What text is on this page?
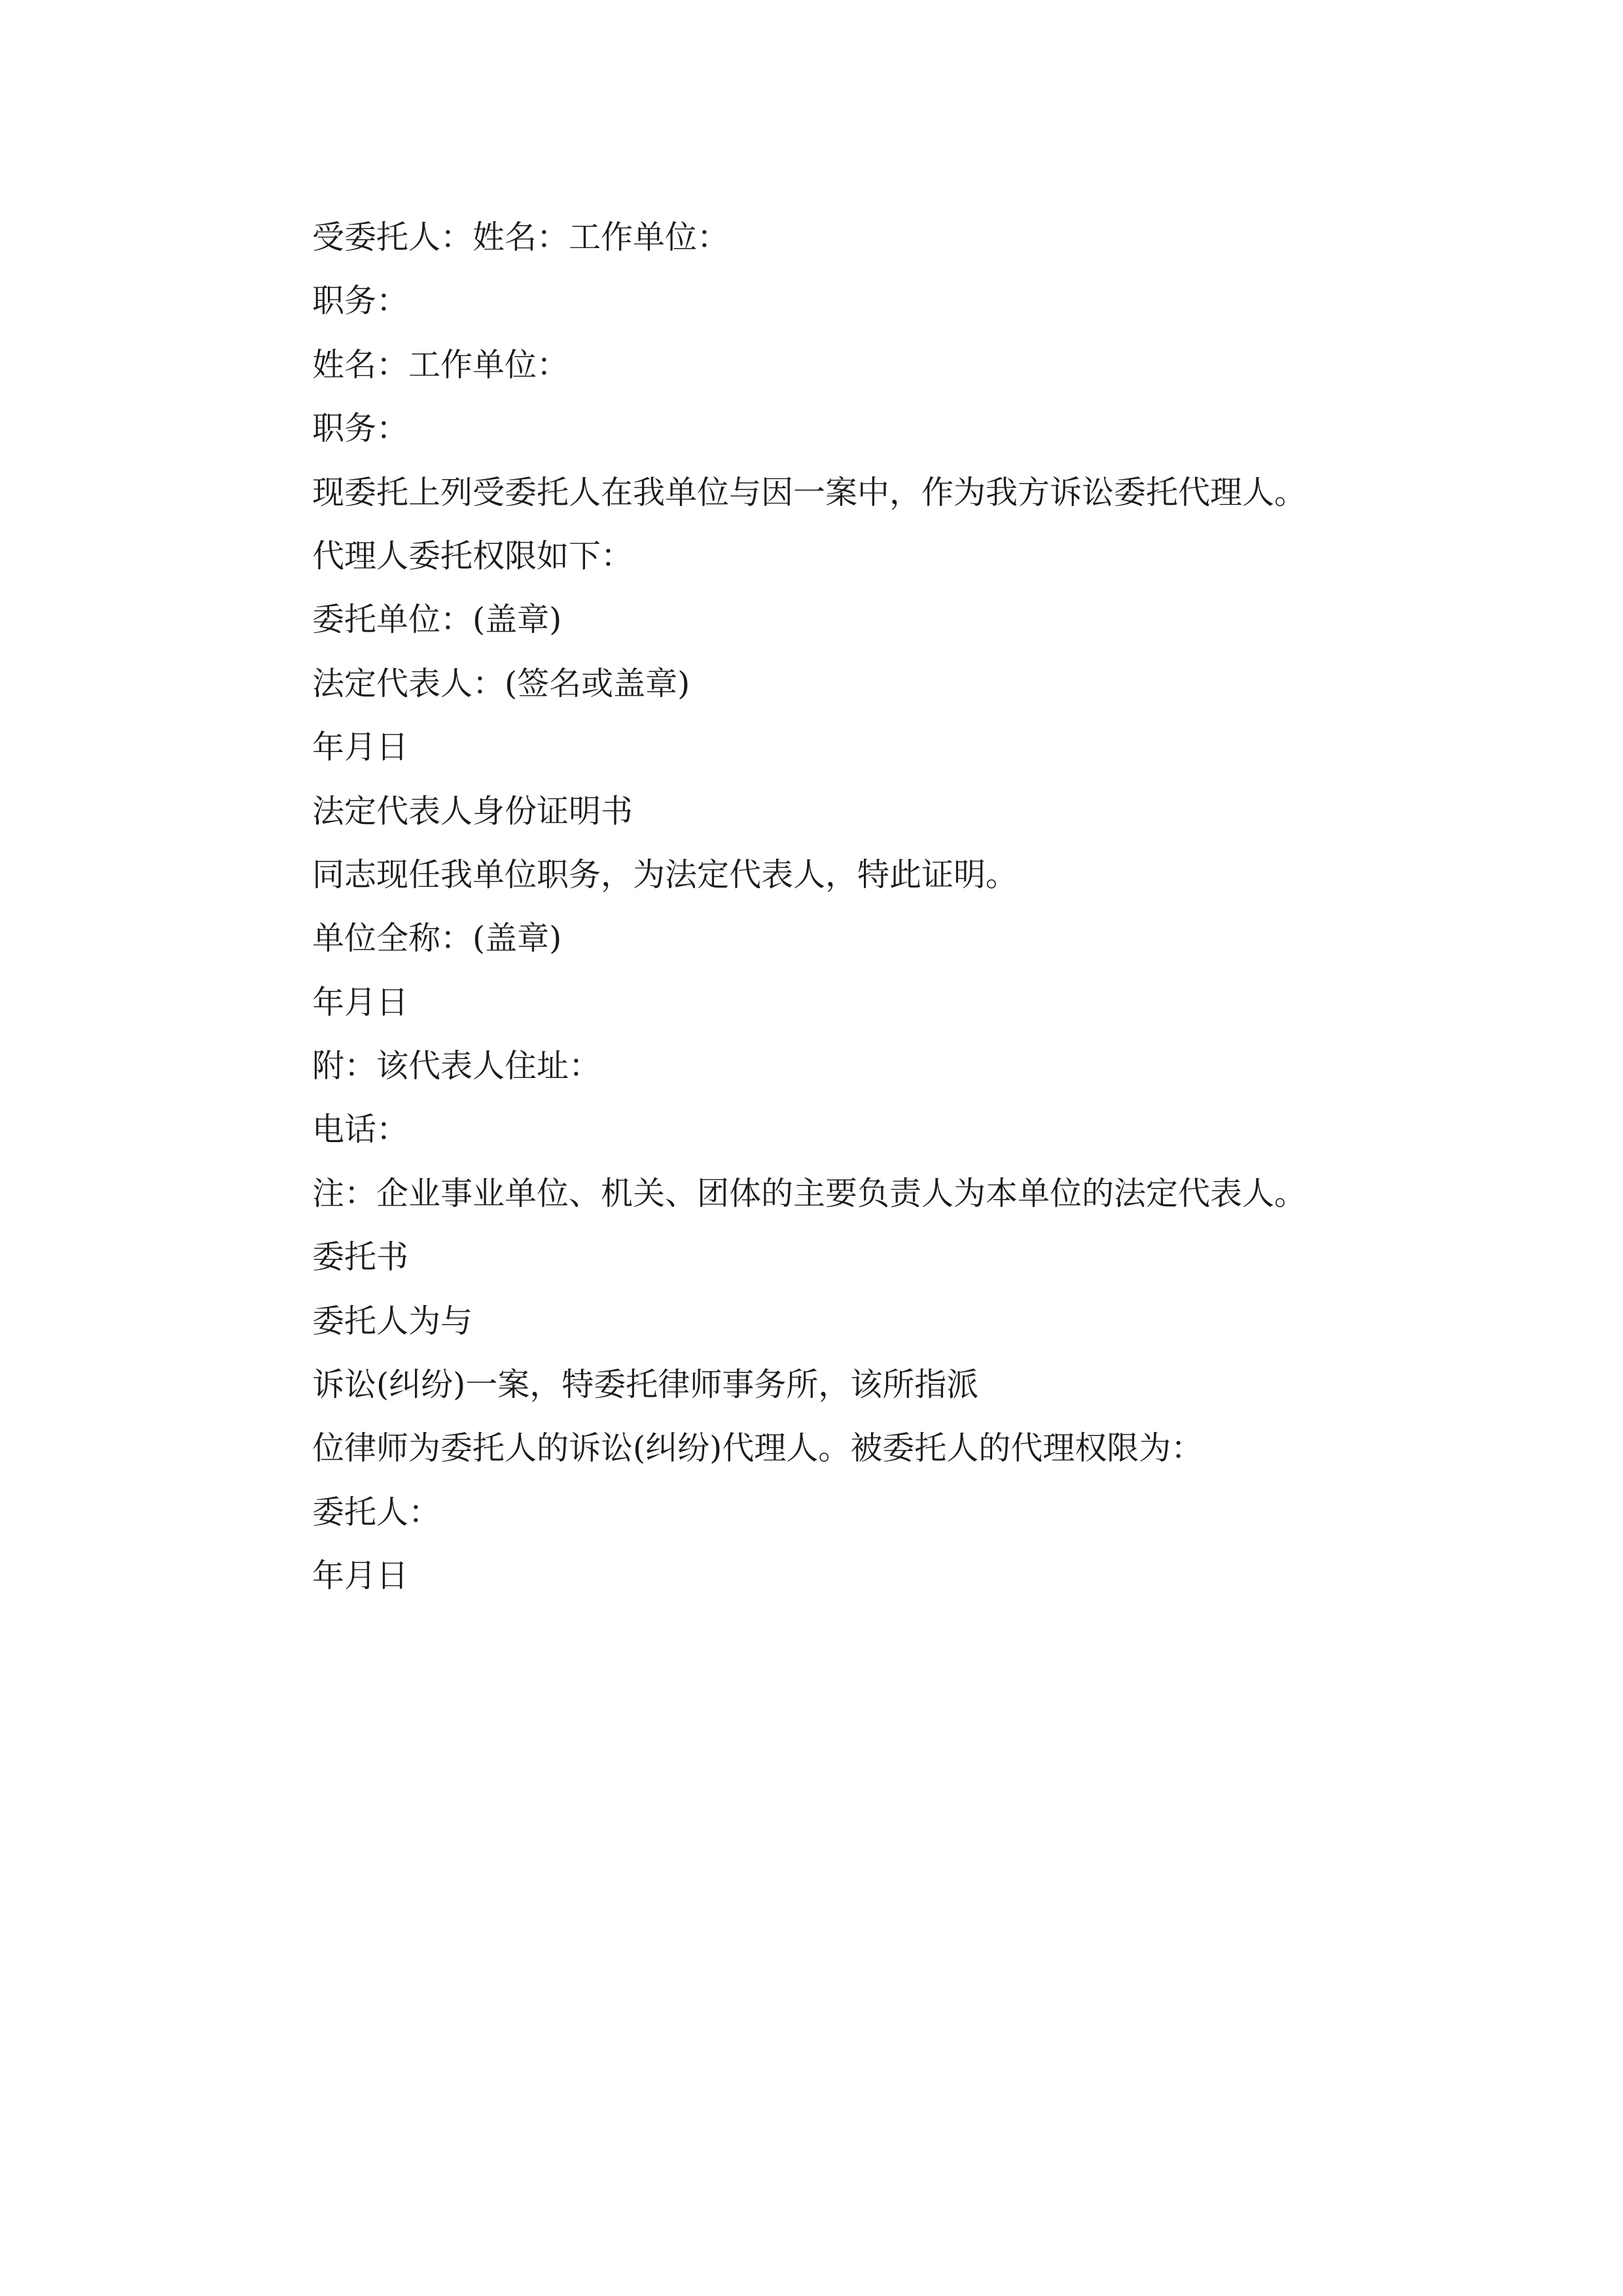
受委托人：姓名：工作单位：

职务：

姓名：工作单位：

职务：

现委托上列受委托人在我单位与因一案中，作为我方诉讼委托代理人。

代理人委托权限如下：

委托单位：(盖章)

法定代表人：(签名或盖章)

年月日

法定代表人身份证明书

同志现任我单位职务，为法定代表人，特此证明。

单位全称：(盖章)

年月日

附：该代表人住址：

电话：

注：企业事业单位、机关、团体的主要负责人为本单位的法定代表人。

委托书

委托人为与

诉讼(纠纷)一案，特委托律师事务所，该所指派

位律师为委托人的诉讼(纠纷)代理人。被委托人的代理权限为：

委托人：

年月日
